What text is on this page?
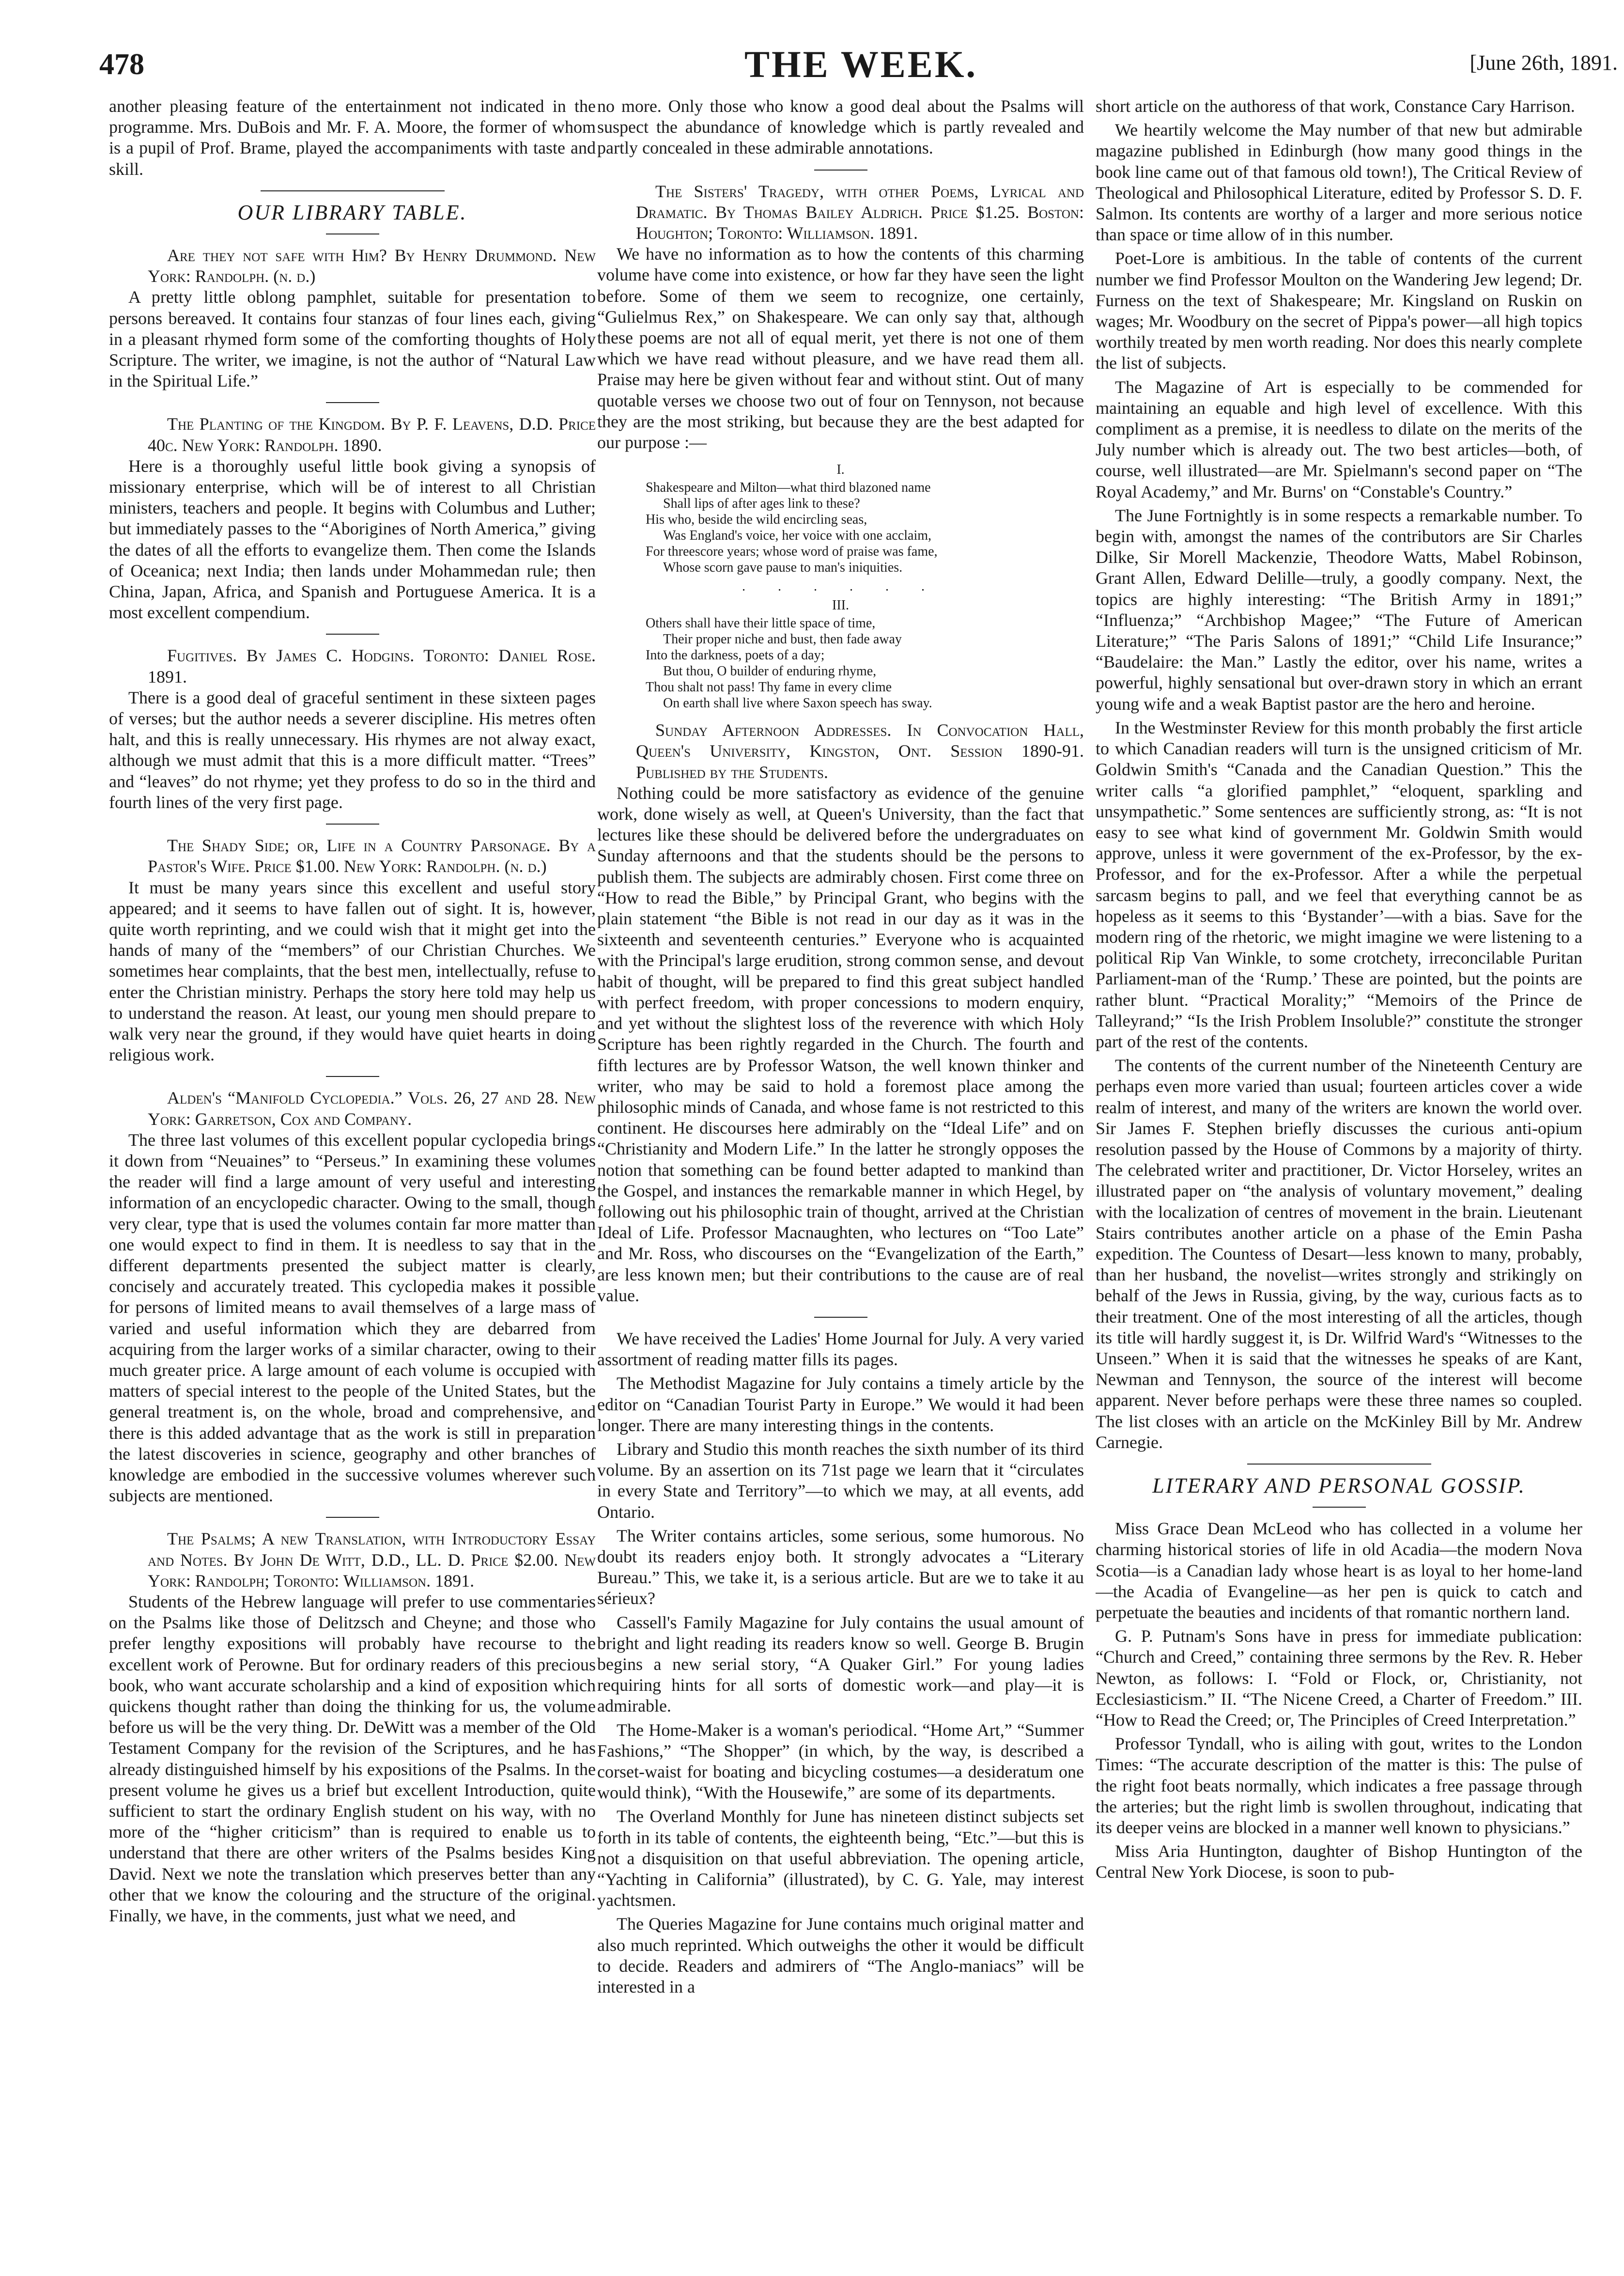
478	THE WEEK.	[June 26th, 1891.

another pleasing feature of the entertainment not indicated in the programme. Mrs. DuBois and Mr. F. A. Moore, the former of whom is a pupil of Prof. Brame, played the accompaniments with taste and skill.

OUR LIBRARY TABLE.

Are they not safe with Him? By Henry Drummond. New York: Randolph. (n. d.)

A pretty little oblong pamphlet, suitable for presentation to persons bereaved. It contains four stanzas of four lines each, giving in a pleasant rhymed form some of the comforting thoughts of Holy Scripture. The writer, we imagine, is not the author of “Natural Law in the Spiritual Life.”

The Planting of the Kingdom. By P. F. Leavens, D.D. Price 40c. New York: Randolph. 1890.

Here is a thoroughly useful little book giving a synopsis of missionary enterprise, which will be of interest to all Christian ministers, teachers and people. It begins with Columbus and Luther; but immediately passes to the “Aborigines of North America,” giving the dates of all the efforts to evangelize them. Then come the Islands of Oceanica; next India; then lands under Mohammedan rule; then China, Japan, Africa, and Spanish and Portuguese America. It is a most excellent compendium.

Fugitives. By James C. Hodgins. Toronto: Daniel Rose. 1891.

There is a good deal of graceful sentiment in these sixteen pages of verses; but the author needs a severer discipline. His metres often halt, and this is really unnecessary. His rhymes are not alway exact, although we must admit that this is a more difficult matter. “Trees” and “leaves” do not rhyme; yet they profess to do so in the third and fourth lines of the very first page.

The Shady Side; or, Life in a Country Parsonage. By a Pastor's Wife. Price $1.00. New York: Randolph. (n. d.)

It must be many years since this excellent and useful story appeared; and it seems to have fallen out of sight. It is, however, quite worth reprinting, and we could wish that it might get into the hands of many of the “members” of our Christian Churches. We sometimes hear complaints, that the best men, intellectually, refuse to enter the Christian ministry. Perhaps the story here told may help us to understand the reason. At least, our young men should prepare to walk very near the ground, if they would have quiet hearts in doing religious work.

Alden's “Manifold Cyclopedia.” Vols. 26, 27 and 28. New York: Garretson, Cox and Company.

The three last volumes of this excellent popular cyclopedia brings it down from “Neuaines” to “Perseus.” In examining these volumes the reader will find a large amount of very useful and interesting information of an encyclopedic character. Owing to the small, though very clear, type that is used the volumes contain far more matter than one would expect to find in them. It is needless to say that in the different departments presented the subject matter is clearly, concisely and accurately treated. This cyclopedia makes it possible for persons of limited means to avail themselves of a large mass of varied and useful information which they are debarred from acquiring from the larger works of a similar character, owing to their much greater price. A large amount of each volume is occupied with matters of special interest to the people of the United States, but the general treatment is, on the whole, broad and comprehensive, and there is this added advantage that as the work is still in preparation the latest discoveries in science, geography and other branches of knowledge are embodied in the successive volumes wherever such subjects are mentioned.

The Psalms; A new Translation, with Introductory Essay and Notes. By John De Witt, D.D., LL. D. Price $2.00. New York: Randolph; Toronto: Williamson. 1891.

Students of the Hebrew language will prefer to use commentaries on the Psalms like those of Delitzsch and Cheyne; and those who prefer lengthy expositions will probably have recourse to the excellent work of Perowne. But for ordinary readers of this precious book, who want accurate scholarship and a kind of exposition which quickens thought rather than doing the thinking for us, the volume before us will be the very thing. Dr. DeWitt was a member of the Old Testament Company for the revision of the Scriptures, and he has already distinguished himself by his expositions of the Psalms. In the present volume he gives us a brief but excellent Introduction, quite sufficient to start the ordinary English student on his way, with no more of the “higher criticism” than is required to enable us to understand that there are other writers of the Psalms besides King David. Next we note the translation which preserves better than any other that we know the colouring and the structure of the original. Finally, we have, in the comments, just what we need, and

no more. Only those who know a good deal about the Psalms will suspect the abundance of knowledge which is partly revealed and partly concealed in these admirable annotations.

The Sisters' Tragedy, with other Poems, Lyrical and Dramatic. By Thomas Bailey Aldrich. Price $1.25. Boston: Houghton; Toronto: Williamson. 1891.

We have no information as to how the contents of this charming volume have come into existence, or how far they have seen the light before. Some of them we seem to recognize, one certainly, “Gulielmus Rex,” on Shakespeare. We can only say that, although these poems are not all of equal merit, yet there is not one of them which we have read without pleasure, and we have read them all. Praise may here be given without fear and without stint. Out of many quotable verses we choose two out of four on Tennyson, not because they are the most striking, but because they are the best adapted for our purpose :—

I.
Shakespeare and Milton—what third blazoned name
Shall lips of after ages link to these?
His who, beside the wild encircling seas,
Was England's voice, her voice with one acclaim,
For threescore years; whose word of praise was fame,
Whose scorn gave pause to man's iniquities.
. . . . . .
III.
Others shall have their little space of time,
Their proper niche and bust, then fade away
Into the darkness, poets of a day;
But thou, O builder of enduring rhyme,
Thou shalt not pass! Thy fame in every clime
On earth shall live where Saxon speech has sway.

Sunday Afternoon Addresses. In Convocation Hall, Queen's University, Kingston, Ont. Session 1890-91. Published by the Students.

Nothing could be more satisfactory as evidence of the genuine work, done wisely as well, at Queen's University, than the fact that lectures like these should be delivered before the undergraduates on Sunday afternoons and that the students should be the persons to publish them. The subjects are admirably chosen. First come three on “How to read the Bible,” by Principal Grant, who begins with the plain statement “the Bible is not read in our day as it was in the sixteenth and seventeenth centuries.” Everyone who is acquainted with the Principal's large erudition, strong common sense, and devout habit of thought, will be prepared to find this great subject handled with perfect freedom, with proper concessions to modern enquiry, and yet without the slightest loss of the reverence with which Holy Scripture has been rightly regarded in the Church. The fourth and fifth lectures are by Professor Watson, the well known thinker and writer, who may be said to hold a foremost place among the philosophic minds of Canada, and whose fame is not restricted to this continent. He discourses here admirably on the “Ideal Life” and on “Christianity and Modern Life.” In the latter he strongly opposes the notion that something can be found better adapted to mankind than the Gospel, and instances the remarkable manner in which Hegel, by following out his philosophic train of thought, arrived at the Christian Ideal of Life. Professor Macnaughten, who lectures on “Too Late” and Mr. Ross, who discourses on the “Evangelization of the Earth,” are less known men; but their contributions to the cause are of real value.

We have received the Ladies' Home Journal for July. A very varied assortment of reading matter fills its pages.

The Methodist Magazine for July contains a timely article by the editor on “Canadian Tourist Party in Europe.” We would it had been longer. There are many interesting things in the contents.

Library and Studio this month reaches the sixth number of its third volume. By an assertion on its 71st page we learn that it “circulates in every State and Territory”—to which we may, at all events, add Ontario.

The Writer contains articles, some serious, some humorous. No doubt its readers enjoy both. It strongly advocates a “Literary Bureau.” This, we take it, is a serious article. But are we to take it au sérieux?

Cassell's Family Magazine for July contains the usual amount of bright and light reading its readers know so well. George B. Brugin begins a new serial story, “A Quaker Girl.” For young ladies requiring hints for all sorts of domestic work—and play—it is admirable.

The Home-Maker is a woman's periodical. “Home Art,” “Summer Fashions,” “The Shopper” (in which, by the way, is described a corset-waist for boating and bicycling costumes—a desideratum one would think), “With the Housewife,” are some of its departments.

The Overland Monthly for June has nineteen distinct subjects set forth in its table of contents, the eighteenth being, “Etc.”—but this is not a disquisition on that useful abbreviation. The opening article, “Yachting in California” (illustrated), by C. G. Yale, may interest yachtsmen.

The Queries Magazine for June contains much original matter and also much reprinted. Which outweighs the other it would be difficult to decide. Readers and admirers of “The Anglo-maniacs” will be interested in a

short article on the authoress of that work, Constance Cary Harrison.

We heartily welcome the May number of that new but admirable magazine published in Edinburgh (how many good things in the book line came out of that famous old town!), The Critical Review of Theological and Philosophical Literature, edited by Professor S. D. F. Salmon. Its contents are worthy of a larger and more serious notice than space or time allow of in this number.

Poet-Lore is ambitious. In the table of contents of the current number we find Professor Moulton on the Wandering Jew legend; Dr. Furness on the text of Shakespeare; Mr. Kingsland on Ruskin on wages; Mr. Woodbury on the secret of Pippa's power—all high topics worthily treated by men worth reading. Nor does this nearly complete the list of subjects.

The Magazine of Art is especially to be commended for maintaining an equable and high level of excellence. With this compliment as a premise, it is needless to dilate on the merits of the July number which is already out. The two best articles—both, of course, well illustrated—are Mr. Spielmann's second paper on “The Royal Academy,” and Mr. Burns' on “Constable's Country.”

The June Fortnightly is in some respects a remarkable number. To begin with, amongst the names of the contributors are Sir Charles Dilke, Sir Morell Mackenzie, Theodore Watts, Mabel Robinson, Grant Allen, Edward Delille—truly, a goodly company. Next, the topics are highly interesting: “The British Army in 1891;” “Influenza;” “Archbishop Magee;” “The Future of American Literature;” “The Paris Salons of 1891;” “Child Life Insurance;” “Baudelaire: the Man.” Lastly the editor, over his name, writes a powerful, highly sensational but over-drawn story in which an errant young wife and a weak Baptist pastor are the hero and heroine.

In the Westminster Review for this month probably the first article to which Canadian readers will turn is the unsigned criticism of Mr. Goldwin Smith's “Canada and the Canadian Question.” This the writer calls “a glorified pamphlet,” “eloquent, sparkling and unsympathetic.” Some sentences are sufficiently strong, as: “It is not easy to see what kind of government Mr. Goldwin Smith would approve, unless it were government of the ex-Professor, by the ex-Professor, and for the ex-Professor. After a while the perpetual sarcasm begins to pall, and we feel that everything cannot be as hopeless as it seems to this ‘Bystander’—with a bias. Save for the modern ring of the rhetoric, we might imagine we were listening to a political Rip Van Winkle, to some crotchety, irreconcilable Puritan Parliament-man of the ‘Rump.’ These are pointed, but the points are rather blunt. “Practical Morality;” “Memoirs of the Prince de Talleyrand;” “Is the Irish Problem Insoluble?” constitute the stronger part of the rest of the contents.

The contents of the current number of the Nineteenth Century are perhaps even more varied than usual; fourteen articles cover a wide realm of interest, and many of the writers are known the world over. Sir James F. Stephen briefly discusses the curious anti-opium resolution passed by the House of Commons by a majority of thirty. The celebrated writer and practitioner, Dr. Victor Horseley, writes an illustrated paper on “the analysis of voluntary movement,” dealing with the localization of centres of movement in the brain. Lieutenant Stairs contributes another article on a phase of the Emin Pasha expedition. The Countess of Desart—less known to many, probably, than her husband, the novelist—writes strongly and strikingly on behalf of the Jews in Russia, giving, by the way, curious facts as to their treatment. One of the most interesting of all the articles, though its title will hardly suggest it, is Dr. Wilfrid Ward's “Witnesses to the Unseen.” When it is said that the witnesses he speaks of are Kant, Newman and Tennyson, the source of the interest will become apparent. Never before perhaps were these three names so coupled. The list closes with an article on the McKinley Bill by Mr. Andrew Carnegie.

LITERARY AND PERSONAL GOSSIP.

Miss Grace Dean McLeod who has collected in a volume her charming historical stories of life in old Acadia—the modern Nova Scotia—is a Canadian lady whose heart is as loyal to her home-land—the Acadia of Evangeline—as her pen is quick to catch and perpetuate the beauties and incidents of that romantic northern land.

G. P. Putnam's Sons have in press for immediate publication: “Church and Creed,” containing three sermons by the Rev. R. Heber Newton, as follows: I. “Fold or Flock, or, Christianity, not Ecclesiasticism.” II. “The Nicene Creed, a Charter of Freedom.” III. “How to Read the Creed; or, The Principles of Creed Interpretation.”

Professor Tyndall, who is ailing with gout, writes to the London Times: “The accurate description of the matter is this: The pulse of the right foot beats normally, which indicates a free passage through the arteries; but the right limb is swollen throughout, indicating that its deeper veins are blocked in a manner well known to physicians.”

Miss Aria Huntington, daughter of Bishop Huntington of the Central New York Diocese, is soon to pub-
